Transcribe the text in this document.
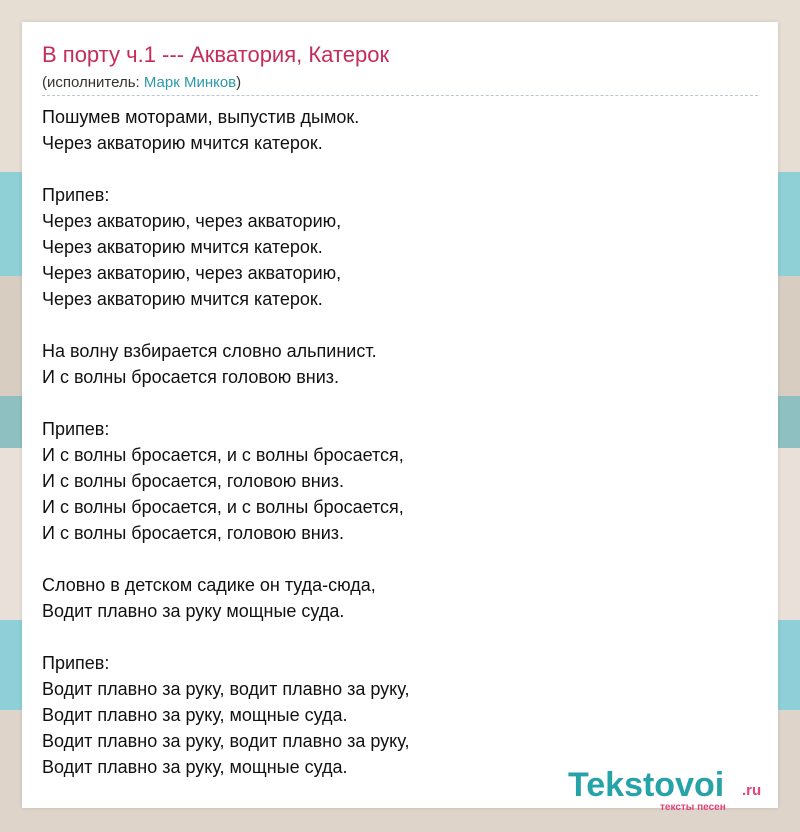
В порту ч.1 --- Акватория, Катерок
(исполнитель: Марк Минков)
Пошумев моторами, выпустив дымок.
Через акваторию мчится катерок.
Припев:
Через акваторию, через акваторию,
Через акваторию мчится катерок.
Через акваторию, через акваторию,
Через акваторию мчится катерок.
На волну взбирается словно альпинист.
И с волны бросается головою вниз.
Припев:
И с волны бросается, и с волны бросается,
И с волны бросается, головою вниз.
И с волны бросается, и с волны бросается,
И с волны бросается, головою вниз.
Словно в детском садике он туда-сюда,
Водит плавно за руку мощные суда.
Припев:
Водит плавно за руку, водит плавно за руку,
Водит плавно за руку, мощные суда.
Водит плавно за руку, водит плавно за руку,
Водит плавно за руку, мощные суда.	Tekstovoi .ru
тексты песен
